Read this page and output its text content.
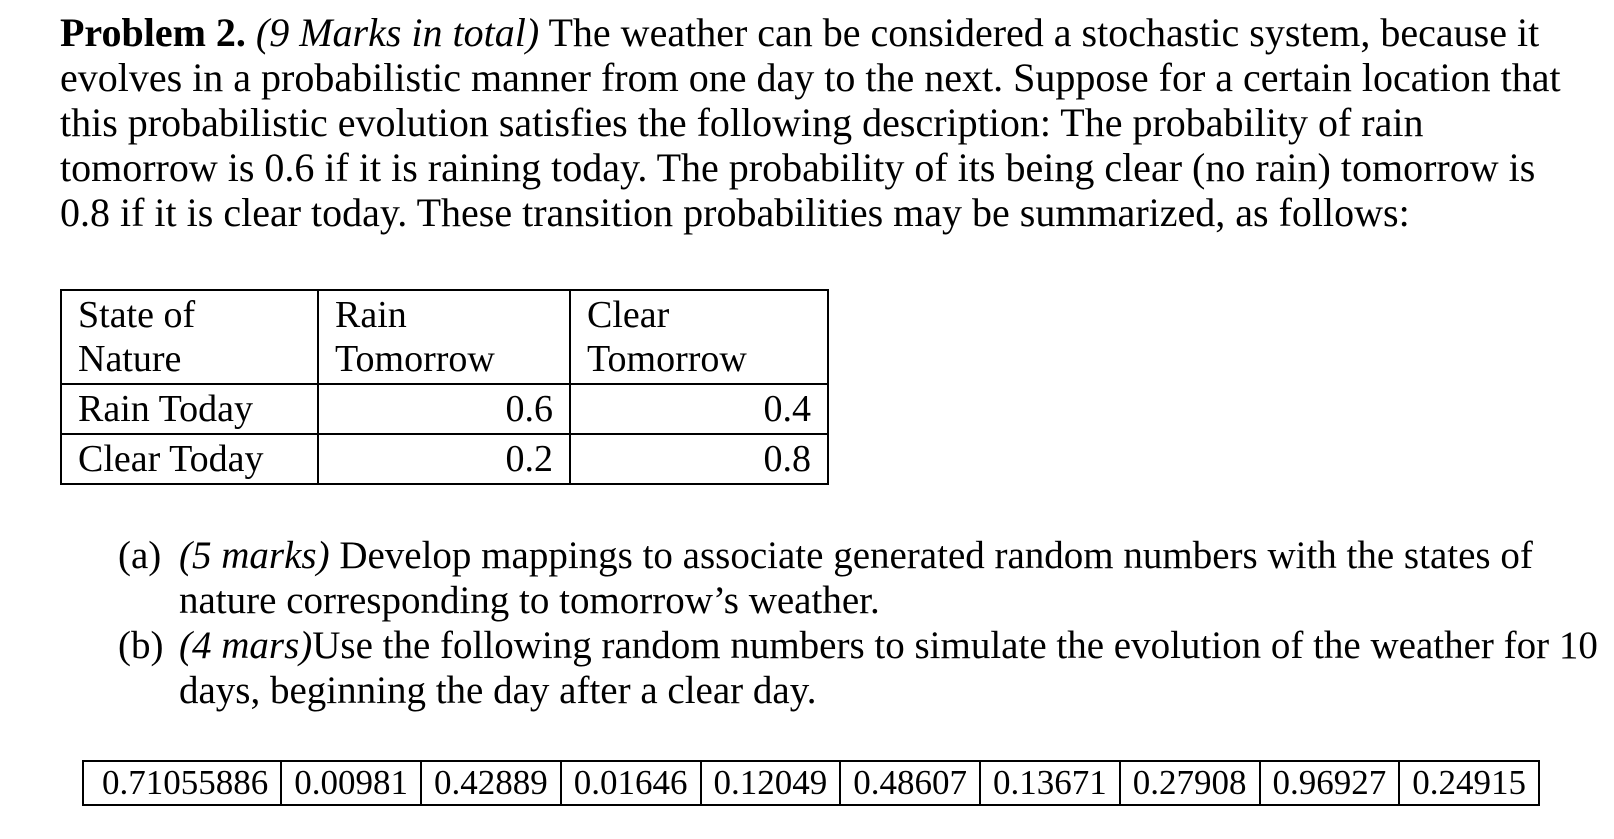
Problem 2. (9 Marks in total) The weather can be considered a stochastic system, because it evolves in a probabilistic manner from one day to the next. Suppose for a certain location that this probabilistic evolution satisfies the following description: The probability of rain tomorrow is 0.6 if it is raining today. The probability of its being clear (no rain) tomorrow is 0.8 if it is clear today. These transition probabilities may be summarized, as follows:

State of Nature	Rain Tomorrow	Clear Tomorrow
Rain Today	0.6	0.4
Clear Today	0.2	0.8
(a) (5 marks) Develop mappings to associate generated random numbers with the states of nature corresponding to tomorrow’s weather.
(b) (4 mars)Use the following random numbers to simulate the evolution of the weather for 10 days, beginning the day after a clear day.
0.71055886	0.00981	0.42889	0.01646	0.12049	0.48607	0.13671	0.27908	0.96927	0.24915
